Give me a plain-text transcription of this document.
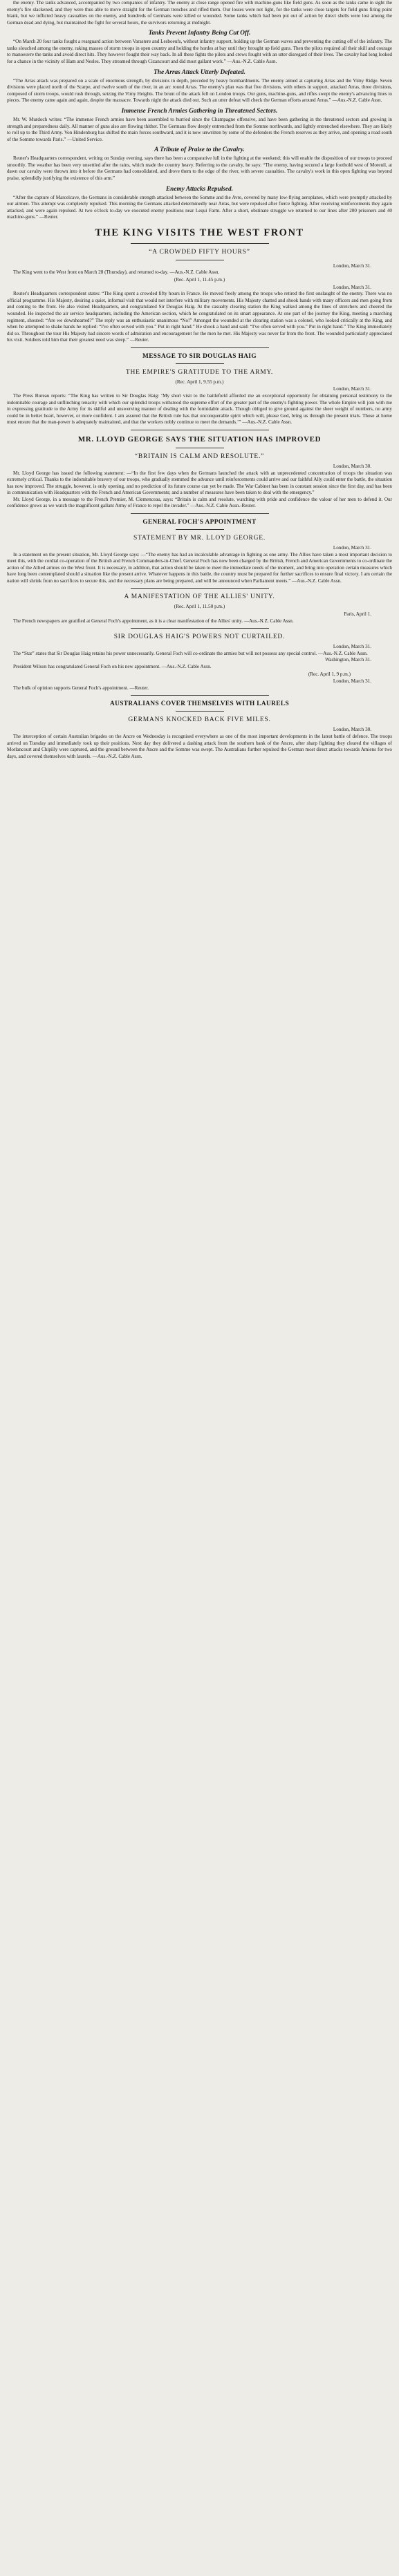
the enemy. The tanks advanced, accompanied by two companies of infantry. The enemy at close range opened fire with machine-guns like field guns. As soon as the tanks came in sight the enemy's fire slackened, and they were thus able to move straight for the German trenches and rifled them. Our losses were not light, for the tanks were close targets for field guns firing point blank, but we inflicted heavy casualties on the enemy, and hundreds of Germans were killed or wounded. Some tanks which had been put out of action by direct shells were lost among the German dead and dying, but maintained the fight for several hours, the survivors returning at midnight.

Tanks Prevent Infantry Being Cut Off.

“On March 20 four tanks fought a rearguard action between Varastere and Lesboeufs, without infantry support, holding up the German waves and preventing the cutting off of the infantry. The tanks slouched among the enemy, raking masses of storm troops in open country and holding the hordes at bay until they brought up field guns. Then the pilots required all their skill and courage to manoeuvre the tanks and avoid direct hits. They however fought their way back. In all these fights the pilots and crews fought with an utter disregard of their lives. The cavalry had long looked for a chance in the vicinity of Ham and Nesles. They streamed through Cizancourt and did most gallant work.” —Aus.-N.Z. Cable Assn.

The Arras Attack Utterly Defeated.

“The Arras attack was prepared on a scale of enormous strength, by divisions in depth, preceded by heavy bombardments. The enemy aimed at capturing Arras and the Vimy Ridge. Seven divisions were placed north of the Scarpe, and twelve south of the river, in an arc round Arras. The enemy's plan was that five divisions, with others in support, attacked Arras, three divisions, composed of storm troops, would rush through, seizing the Vimy Heights. The brunt of the attack fell on London troops. Our guns, machine-guns, and rifles swept the enemy's advancing lines to pieces. The enemy came again and again, despite the massacre. Towards night the attack died out. Such an utter defeat will check the German efforts around Arras.” —Aus.-N.Z. Cable Assn.

Immense French Armies Gathering in Threatened Sectors.

Mr. W. Murdoch writes: “The immense French armies have been assembled to hurried since the Champagne offensive, and have been gathering in the threatened sectors and growing in strength and preparedness daily. All manner of guns also are flowing thither. The Germans flow deeply entrenched from the Somme northwards, and lightly entrenched elsewhere. They are likely to roll up to the Third Army. Von Hindenburg has shifted the main forces southward, and it is now unwritten by some of the defenders the French reserves as they arrive, and opening a road south of the Somme towards Paris.” —United Service.

A Tribute of Praise to the Cavalry.

Reuter's Headquarters correspondent, writing on Sunday evening, says there has been a comparative lull in the fighting at the weekend; this will enable the disposition of our troops to proceed smoothly. The weather has been very unsettled after the rains, which made the country heavy. Referring to the cavalry, he says: “The enemy, having secured a large foothold west of Moreuil, at dawn our cavalry were thrown into it before the Germans had consolidated, and drove them to the edge of the river, with severe casualties. The cavalry's work in this open fighting was beyond praise, splendidly justifying the existence of this arm.”

Enemy Attacks Repulsed.

“After the capture of Marcelcave, the Germans in considerable strength attacked between the Somme and the Avre, covered by many low-flying aeroplanes, which were promptly attacked by our airmen. This attempt was completely repulsed. This morning the Germans attacked determinedly near Arras, but were repulsed after fierce fighting. After receiving reinforcements they again attacked, and were again repulsed. At two o'clock to-day we executed enemy positions near Lequi Farm. After a short, obstinate struggle we returned to our lines after 200 prisoners and 40 machine-guns.” —Reuter.

THE KING VISITS THE WEST FRONT
“A CROWDED FIFTY HOURS”
London, March 31.

The King went to the West front on March 28 (Thursday), and returned to-day. —Aus.-N.Z. Cable Assn.

(Rec. April 1, 11.45 p.m.)
London, March 31.

Reuter's Headquarters correspondent states: “The King spent a crowded fifty hours in France. He moved freely among the troops who retired the first onslaught of the enemy. There was no official programme. His Majesty, desiring a quiet, informal visit that would not interfere with military movements. His Majesty chatted and shook hands with many officers and men going from and coming to the front. He also visited Headquarters, and congratulated Sir Douglas Haig. At the casualty clearing station the King walked among the lines of stretchers and cheered the wounded. He inspected the air service headquarters, including the American section, which he congratulated on its smart appearance. At one part of the journey the King, meeting a marching regiment, shouted: “Are we downhearted?” The reply was an enthusiastic unanimous “No!” Amongst the wounded at the clearing station was a colonel, who looked critically at the King, and when he attempted to shake hands he replied: “I've often served with you.” Put in right hand.” He shook a hand and said: “I've often served with you.” Put in right hand.” The King immediately did so. Throughout the tour His Majesty had sincere words of admiration and encouragement for the men he met. His Majesty was never far from the front. The wounded particularly appreciated his visit. Soldiers told him that their greatest need was sleep.” —Reuter.

MESSAGE TO SIR DOUGLAS HAIG
THE EMPIRE'S GRATITUDE TO THE ARMY.
(Rec. April 1, 9.55 p.m.)
London, March 31.

The Press Bureau reports: “The King has written to Sir Douglas Haig: ‘My short visit to the battlefield afforded me an exceptional opportunity for obtaining personal testimony to the indomitable courage and unflinching tenacity with which our splendid troops withstood the supreme effort of the greater part of the enemy's fighting power. The whole Empire will join with me in expressing gratitude to the Army for its skilful and unswerving manner of dealing with the formidable attack. Though obliged to give ground against the sheer weight of numbers, no army could be in better heart, however, or more confident. I am assured that the British rule has that unconquerable spirit which will, please God, bring us through the present trials. Those at home must ensure that the man-power is adequately maintained, and that the workers nobly continue to meet the demands.’” —Aus.-N.Z. Cable Assn.

MR. LLOYD GEORGE SAYS THE SITUATION HAS IMPROVED
“BRITAIN IS CALM AND RESOLUTE.”
London, March 30.

Mr. Lloyd George has issued the following statement: —“In the first few days when the Germans launched the attack with an unprecedented concentration of troops the situation was extremely critical. Thanks to the indomitable bravery of our troops, who gradually stemmed the advance until reinforcements could arrive and our faithful Ally could enter the battle, the situation has now improved. The struggle, however, is only opening, and no prediction of its future course can yet be made. The War Cabinet has been in constant session since the first day, and has been in communication with Headquarters with the French and American Governments; and a number of measures have been taken to deal with the emergency.”

Mr. Lloyd George, in a message to the French Premier, M. Clemenceau, says: “Britain is calm and resolute, watching with pride and confidence the valour of her men to defend it. Our confidence grows as we watch the magnificent gallant Army of France to repel the invader.” —Aus.-N.Z. Cable Assn.-Reuter.

GENERAL FOCH'S APPOINTMENT
STATEMENT BY MR. LLOYD GEORGE.
London, March 31.

In a statement on the present situation, Mr. Lloyd George says: —“The enemy has had an incalculable advantage in fighting as one army. The Allies have taken a most important decision to meet this, with the cordial co-operation of the British and French Commanders-in-Chief. General Foch has now been charged by the British, French and American Governments to co-ordinate the action of the Allied armies on the West front. It is necessary, in addition, that action should be taken to meet the immediate needs of the moment, and bring into operation certain measures which have long been contemplated should a situation like the present arrive. Whatever happens in this battle, the country must be prepared for further sacrifices to ensure final victory. I am certain the nation will shrink from no sacrifices to secure this, and the necessary plans are being prepared, and will be announced when Parliament meets.” —Aus.-N.Z. Cable Assn.

A MANIFESTATION OF THE ALLIES' UNITY.
(Rec. April 1, 11.50 p.m.)
Paris, April 1.

The French newspapers are gratified at General Foch's appointment, as it is a clear manifestation of the Allies' unity. —Aus.-N.Z. Cable Assn.

SIR DOUGLAS HAIG'S POWERS NOT CURTAILED.
London, March 31.

The “Star” states that Sir Douglas Haig retains his power unnecessarily. General Foch will co-ordinate the armies but will not possess any special control. —Aus.-N.Z. Cable Assn.

Washington, March 31.

President Wilson has congratulated General Foch on his new appointment. —Aus.-N.Z. Cable Assn.

(Rec. April 1, 9 p.m.)
London, March 31.

The bulk of opinion supports General Foch's appointment. —Reuter.

AUSTRALIANS COVER THEMSELVES WITH LAURELS
GERMANS KNOCKED BACK FIVE MILES.
London, March 30.

The interception of certain Australian brigades on the Ancre on Wednesday is recognised everywhere as one of the most important developments in the latest battle of defence. The troops arrived on Tuesday and immediately took up their positions. Next day they delivered a dashing attack from the southern bank of the Ancre, after sharp fighting they cleared the villages of Morlancourt and Chipilly were captured, and the ground between the Ancre and the Somme was swept. The Australians further repulsed the German most direct attacks towards Amiens for two days, and covered themselves with laurels. —Aus.-N.Z. Cable Assn.
